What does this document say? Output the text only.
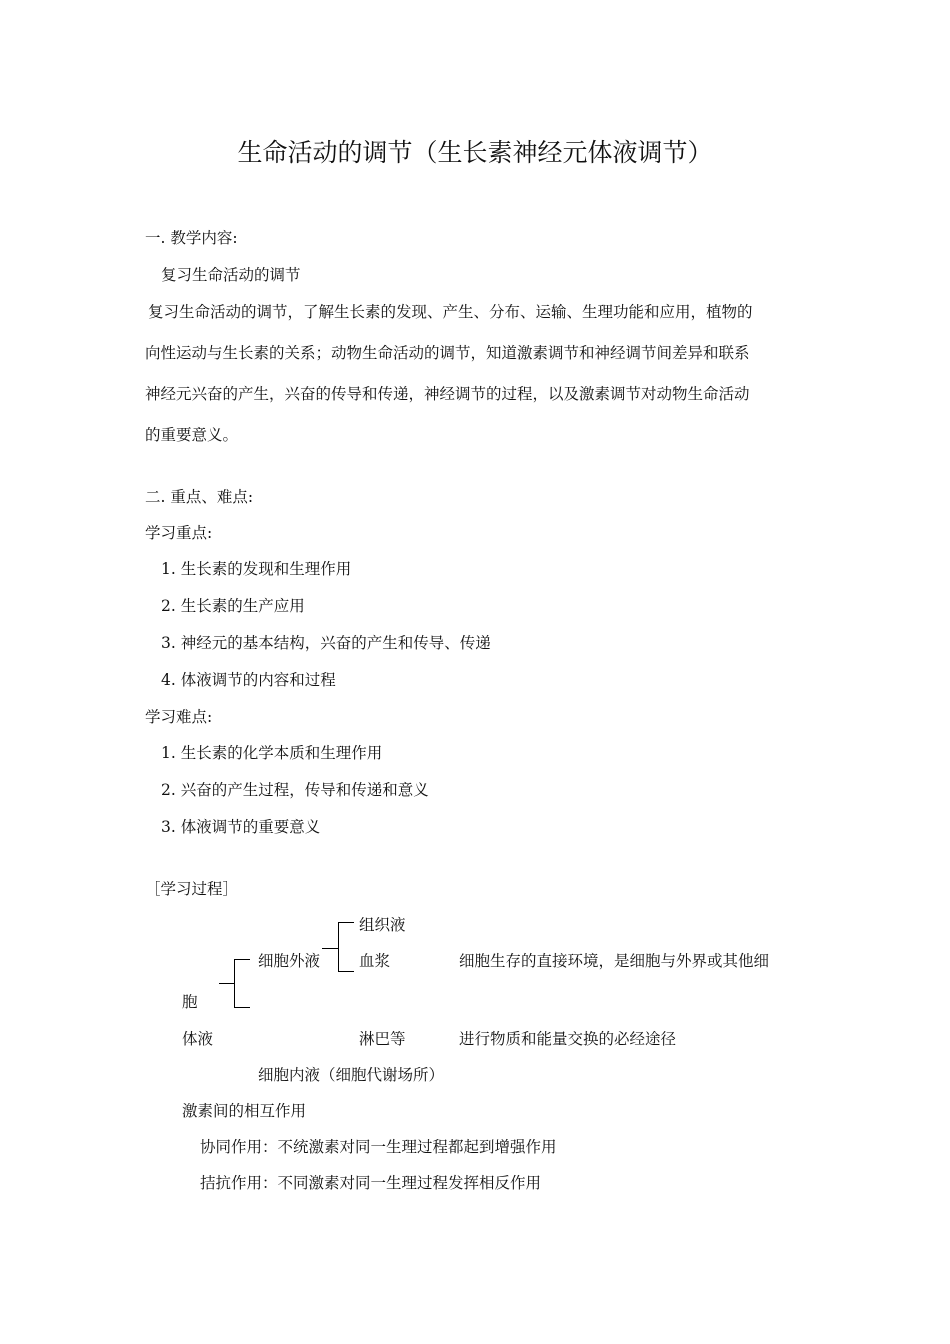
生命活动的调节（生长素神经元体液调节）
一. 教学内容:
复习生命活动的调节
复习生命活动的调节，了解生长素的发现、产生、分布、运输、生理功能和应用，植物的
向性运动与生长素的关系；动物生命活动的调节，知道激素调节和神经调节间差异和联系
神经元兴奋的产生，兴奋的传导和传递，神经调节的过程，以及激素调节对动物生命活动
的重要意义。
二. 重点、难点:
学习重点:
1. 生长素的发现和生理作用
2. 生长素的生产应用
3. 神经元的基本结构，兴奋的产生和传导、传递
4. 体液调节的内容和过程
学习难点:
1. 生长素的化学本质和生理作用
2. 兴奋的产生过程，传导和传递和意义
3. 体液调节的重要意义
［学习过程］
组织液
细胞外液	血浆	细胞生存的直接环境，是细胞与外界或其他细
胞
体液	淋巴等	进行物质和能量交换的必经途径
细胞内液（细胞代谢场所）
激素间的相互作用
协同作用：不统激素对同一生理过程都起到增强作用
拮抗作用：不同激素对同一生理过程发挥相反作用
